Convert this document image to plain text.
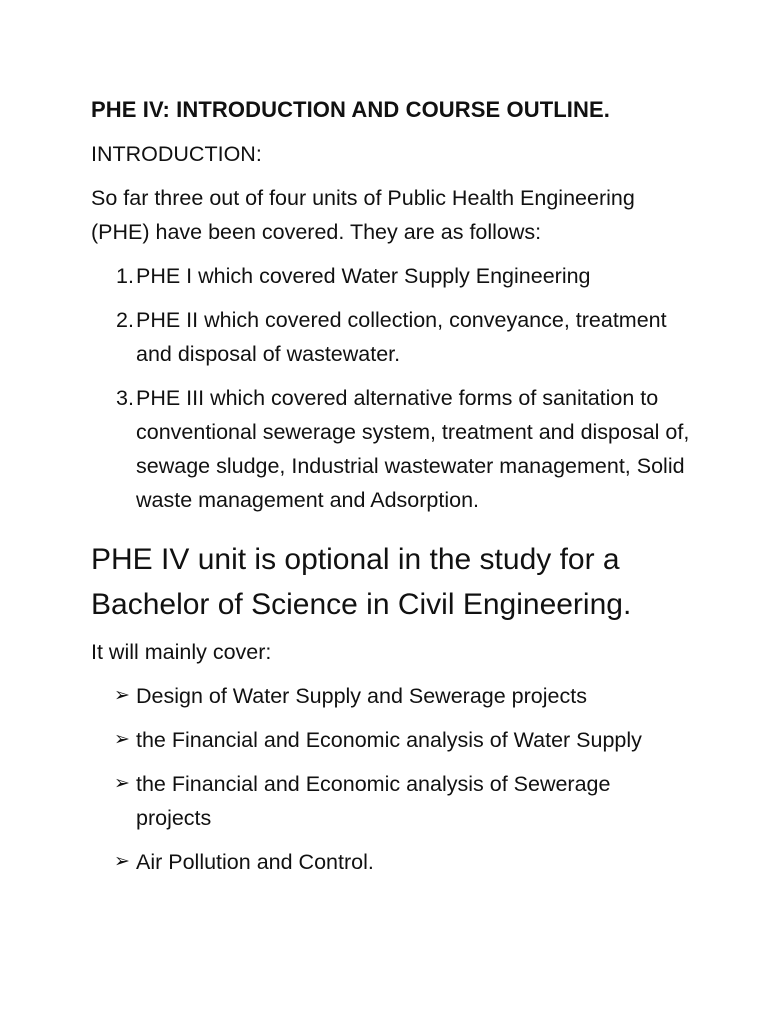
PHE IV: INTRODUCTION AND COURSE OUTLINE.
INTRODUCTION:
So far three out of four units of Public Health Engineering (PHE) have been covered. They are as follows:
1. PHE I which covered Water Supply Engineering
2. PHE II which covered collection, conveyance, treatment and disposal of wastewater.
3. PHE III which covered alternative forms of sanitation to conventional sewerage system, treatment and disposal of, sewage sludge, Industrial wastewater management, Solid waste management and Adsorption.
PHE IV unit is optional in the study for a Bachelor of Science in Civil Engineering.
It will mainly cover:
➢ Design of Water Supply and Sewerage projects
➢ the Financial and Economic analysis of Water Supply
➢ the Financial and Economic analysis of Sewerage projects
➢ Air Pollution and Control.
